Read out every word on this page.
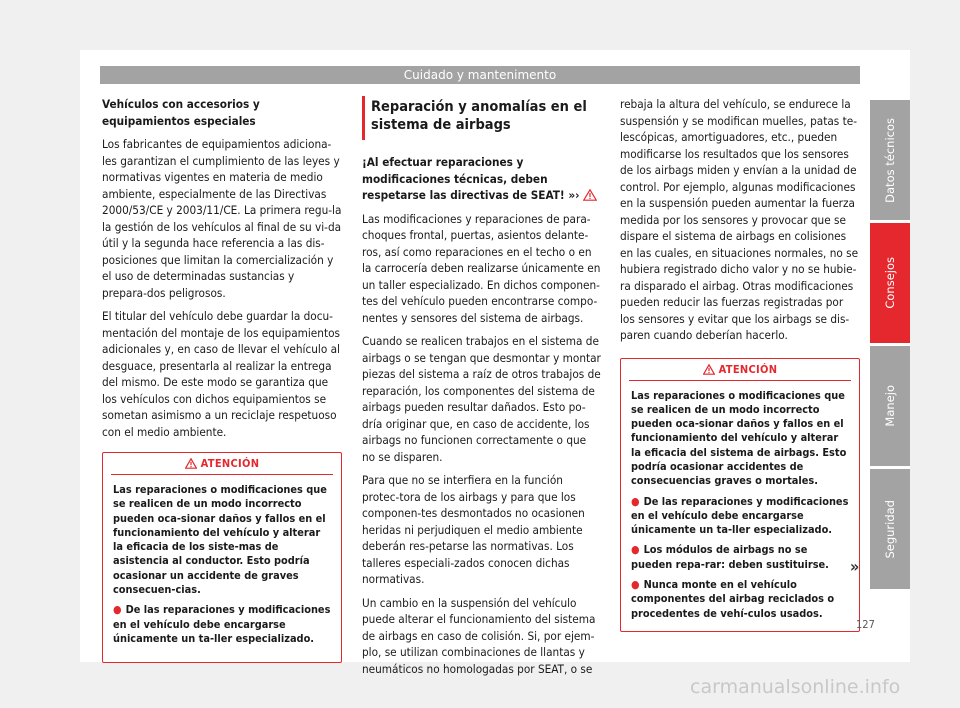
Cuidado y mantenimento

Vehículos con accesorios y equipamientos especiales

Los fabricantes de equipamientos adiciona-les garantizan el cumplimiento de las leyes y normativas vigentes en materia de medio ambiente, especialmente de las Directivas 2000/53/CE y 2003/11/CE. La primera regu-la la gestión de los vehículos al final de su vi-da útil y la segunda hace referencia a las dis-posiciones que limitan la comercialización y el uso de determinadas sustancias y prepara-dos peligrosos.

El titular del vehículo debe guardar la docu-mentación del montaje de los equipamientos adicionales y, en caso de llevar el vehículo al desguace, presentarla al realizar la entrega del mismo. De este modo se garantiza que los vehículos con dichos equipamientos se sometan asimismo a un reciclaje respetuoso con el medio ambiente.

ATENCIÓN

Las reparaciones o modificaciones que se realicen de un modo incorrecto pueden oca-sionar daños y fallos en el funcionamiento del vehículo y alterar la eficacia de los siste-mas de asistencia al conductor. Esto podría ocasionar un accidente de graves consecuen-cias.

● De las reparaciones y modificaciones en el vehículo debe encargarse únicamente un ta-ller especializado.

Reparación y anomalías en el sistema de airbags

¡Al efectuar reparaciones y modificaciones técnicas, deben respetarse las directivas de SEAT! »›

Las modificaciones y reparaciones de para-choques frontal, puertas, asientos delante-ros, así como reparaciones en el techo o en la carrocería deben realizarse únicamente en un taller especializado. En dichos componen-tes del vehículo pueden encontrarse compo-nentes y sensores del sistema de airbags.

Cuando se realicen trabajos en el sistema de airbags o se tengan que desmontar y montar piezas del sistema a raíz de otros trabajos de reparación, los componentes del sistema de airbags pueden resultar dañados. Esto po-dría originar que, en caso de accidente, los airbags no funcionen correctamente o que no se disparen.

Para que no se interfiera en la función protec-tora de los airbags y para que los componen-tes desmontados no ocasionen heridas ni perjudiquen el medio ambiente deberán res-petarse las normativas. Los talleres especiali-zados conocen dichas normativas.

Un cambio en la suspensión del vehículo puede alterar el funcionamiento del sistema de airbags en caso de colisión. Si, por ejem-plo, se utilizan combinaciones de llantas y neumáticos no homologadas por SEAT, o se

rebaja la altura del vehículo, se endurece la suspensión y se modifican muelles, patas te-lescópicas, amortiguadores, etc., pueden modificarse los resultados que los sensores de los airbags miden y envían a la unidad de control. Por ejemplo, algunas modificaciones en la suspensión pueden aumentar la fuerza medida por los sensores y provocar que se dispare el sistema de airbags en colisiones en las cuales, en situaciones normales, no se hubiera registrado dicho valor y no se hubie-ra disparado el airbag. Otras modificaciones pueden reducir las fuerzas registradas por los sensores y evitar que los airbags se dis-paren cuando deberían hacerlo.

ATENCIÓN

Las reparaciones o modificaciones que se realicen de un modo incorrecto pueden oca-sionar daños y fallos en el funcionamiento del vehículo y alterar la eficacia del sistema de airbags. Esto podría ocasionar accidentes de consecuencias graves o mortales.

● De las reparaciones y modificaciones en el vehículo debe encargarse únicamente un ta-ller especializado.

● Los módulos de airbags no se pueden repa-rar: deben sustituirse.

● Nunca monte en el vehículo componentes del airbag reciclados o procedentes de vehí-culos usados.

»
Datos técnicos
Consejos
Manejo
Seguridad
127
carmanualsonline.info
